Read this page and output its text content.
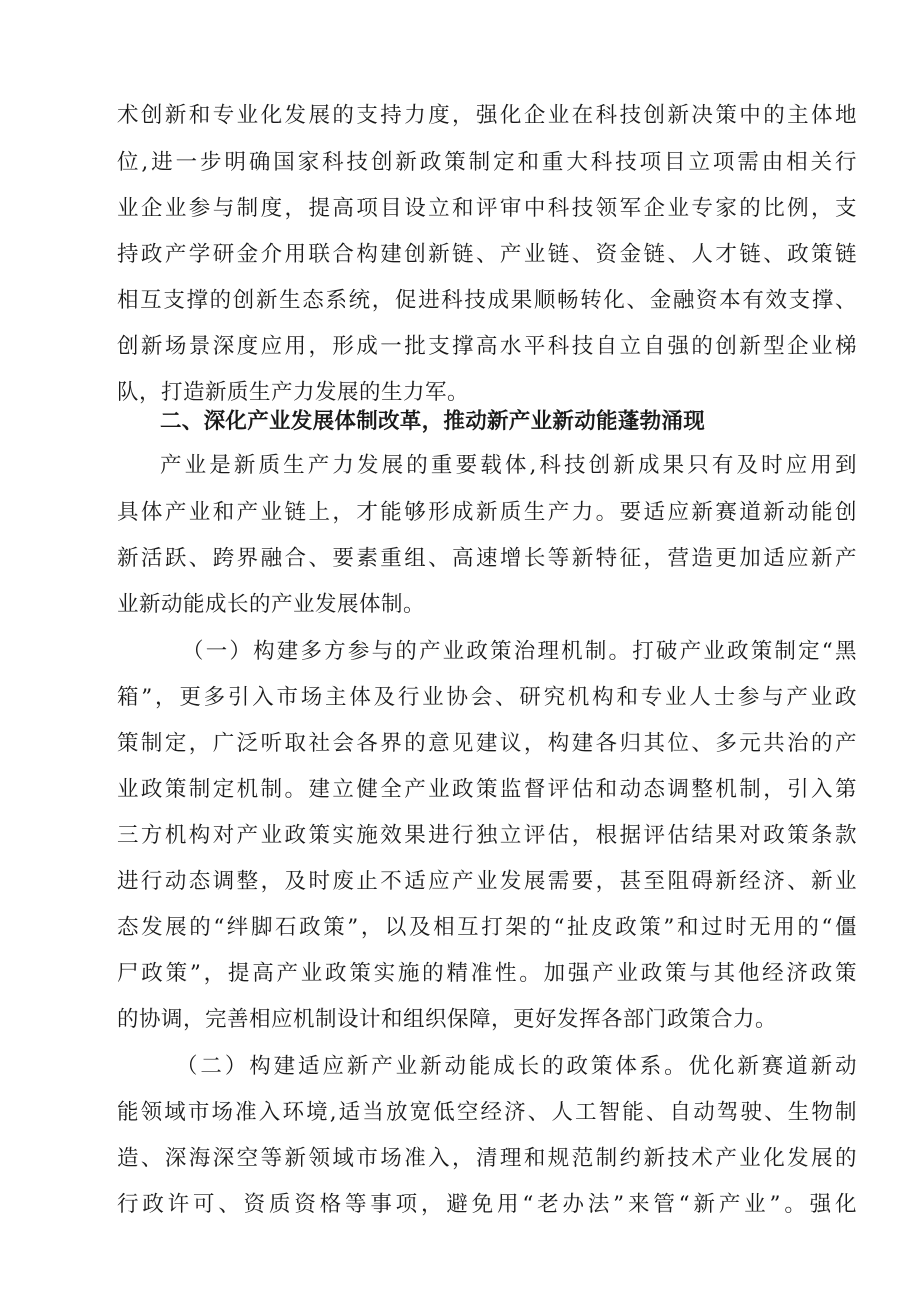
术创新和专业化发展的支持力度，强化企业在科技创新决策中的主体地
位,进一步明确国家科技创新政策制定和重大科技项目立项需由相关行
业企业参与制度，提高项目设立和评审中科技领军企业专家的比例，支
持政产学研金介用联合构建创新链、产业链、资金链、人才链、政策链
相互支撑的创新生态系统，促进科技成果顺畅转化、金融资本有效支撑、
创新场景深度应用，形成一批支撑高水平科技自立自强的创新型企业梯
队，打造新质生产力发展的生力军。
二、深化产业发展体制改革，推动新产业新动能蓬勃涌现
产业是新质生产力发展的重要载体,科技创新成果只有及时应用到
具体产业和产业链上，才能够形成新质生产力。要适应新赛道新动能创
新活跃、跨界融合、要素重组、高速增长等新特征，营造更加适应新产
业新动能成长的产业发展体制。
（一）构建多方参与的产业政策治理机制。打破产业政策制定“黑
箱”，更多引入市场主体及行业协会、研究机构和专业人士参与产业政
策制定，广泛听取社会各界的意见建议，构建各归其位、多元共治的产
业政策制定机制。建立健全产业政策监督评估和动态调整机制，引入第
三方机构对产业政策实施效果进行独立评估，根据评估结果对政策条款
进行动态调整，及时废止不适应产业发展需要，甚至阻碍新经济、新业
态发展的“绊脚石政策”，以及相互打架的“扯皮政策”和过时无用的“僵
尸政策”，提高产业政策实施的精准性。加强产业政策与其他经济政策
的协调，完善相应机制设计和组织保障，更好发挥各部门政策合力。
（二）构建适应新产业新动能成长的政策体系。优化新赛道新动
能领域市场准入环境,适当放宽低空经济、人工智能、自动驾驶、生物制
造、深海深空等新领域市场准入，清理和规范制约新技术产业化发展的
行政许可、资质资格等事项，避免用“老办法”来管“新产业”。强化
